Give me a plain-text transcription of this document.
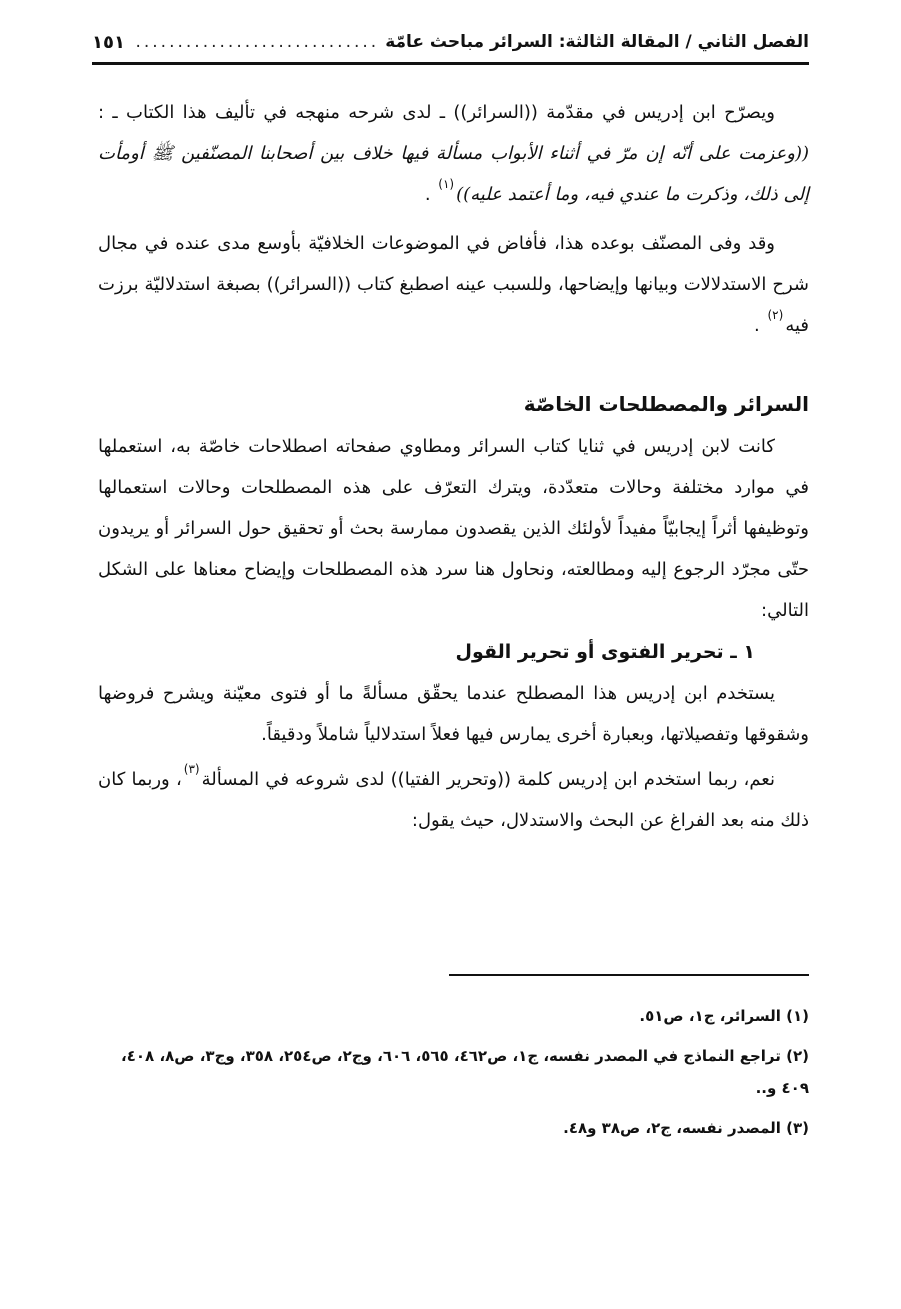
الفصل الثاني / المقالة الثالثة: السرائر مباحث عامّة
.....
١٥١

ويصرّح ابن إدريس في مقدّمة ((السرائر)) ـ لدى شرحه منهجه في تأليف هذا الكتاب ـ : ((وعزمت على أنّه إن مرّ في أثناء الأبواب مسألة فيها خلاف بين أصحابنا المصنّفين ﷺ أومأت إلى ذلك، وذكرت ما عندي فيه، وما أعتمد عليه))$^{(١)}$ .

وقد وفى المصنّف بوعده هذا، فأفاض في الموضوعات الخلافيّة بأوسع مدى عنده في مجال شرح الاستدلالات وبيانها وإيضاحها، وللسبب عينه اصطبغ كتاب ((السرائر)) بصبغة استدلاليّة برزت فيه$^{(٢)}$ .

السرائر والمصطلحات الخاصّة

كانت لابن إدريس في ثنايا كتاب السرائر ومطاوي صفحاته اصطلاحات خاصّة به، استعملها في موارد مختلفة وحالات متعدّدة، ويترك التعرّف على هذه المصطلحات وحالات استعمالها وتوظيفها أثراً إيجابيّاً مفيداً لأولئك الذين يقصدون ممارسة بحث أو تحقيق حول السرائر أو يريدون حتّى مجرّد الرجوع إليه ومطالعته، ونحاول هنا سرد هذه المصطلحات وإيضاح معناها على الشكل التالي:

١ ـ تحرير الفتوى أو تحرير القول

يستخدم ابن إدريس هذا المصطلح عندما يحقّق مسألةً ما أو فتوى معيّنة ويشرح فروضها وشقوقها وتفصيلاتها، وبعبارة أخرى يمارس فيها فعلاً استدلالياً شاملاً ودقيقاً.

نعم، ربما استخدم ابن إدريس كلمة ((وتحرير الفتيا)) لدى شروعه في المسألة$^{(٣)}$، وربما كان ذلك منه بعد الفراغ عن البحث والاستدلال، حيث يقول:

(١) السرائر، ج١، ص٥١.

(٢) تراجع النماذج في المصدر نفسه، ج١، ص٤٦٢، ٥٦٥، ٦٠٦، وج٢، ص٢٥٤، ٣٥٨، وج٣، ص٨، ٤٠٨، ٤٠٩ و..

(٣) المصدر نفسه، ج٢، ص٣٨ و٤٨.
